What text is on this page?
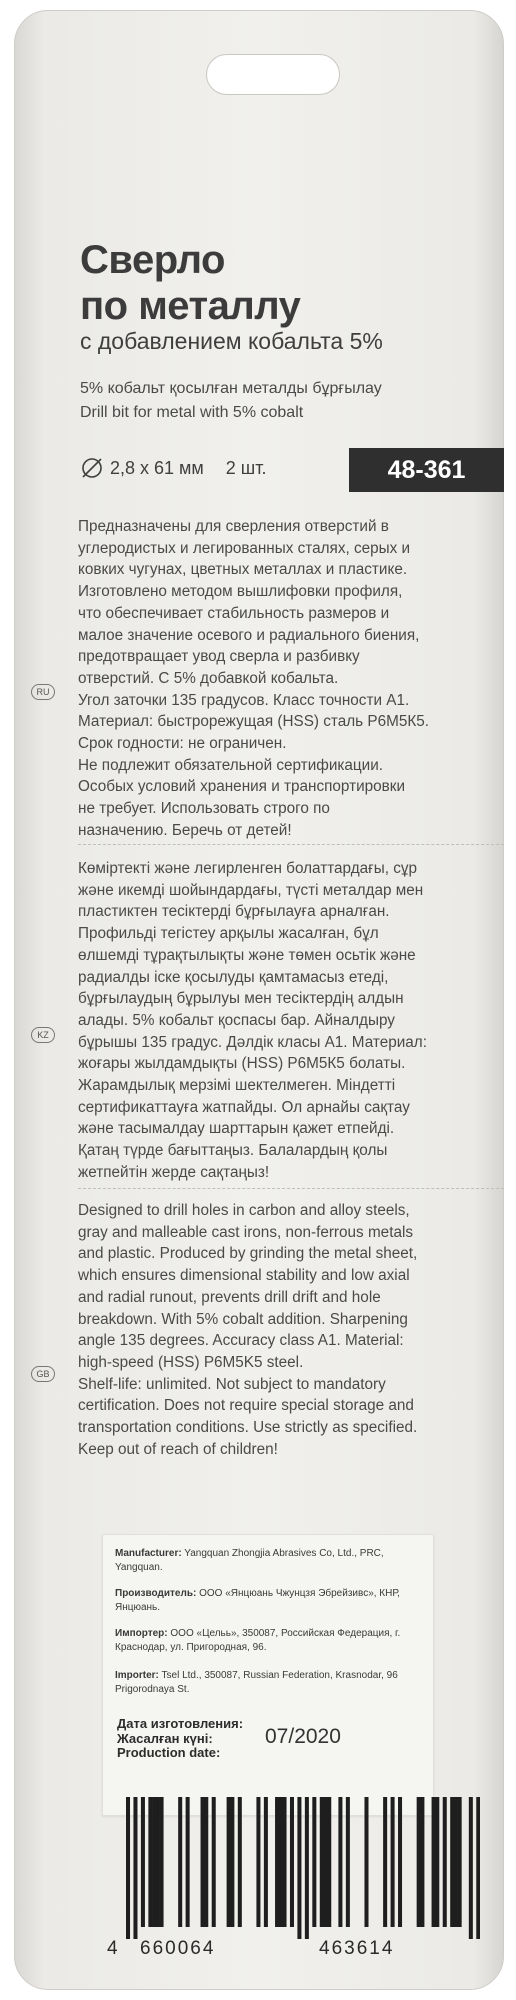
Сверло
по металлу
с добавлением кобальта 5%
5% кобальт қосылған металды бұрғылау
Drill bit for metal with 5% cobalt
2,8 х 61 мм 2 шт.	48-361

Предназначены для сверления отверстий в
углеродистых и легированных сталях, серых и
ковких чугунах, цветных металлах и пластике.
Изготовлено методом вышлифовки профиля,
что обеспечивает стабильность размеров и
малое значение осевого и радиального биения,
предотвращает увод сверла и разбивку
отверстий. С 5% добавкой кобальта.
Угол заточки 135 градусов. Класс точности А1.
Материал: быстрорежущая (HSS) сталь Р6М5К5.
Срок годности: не ограничен.
Не подлежит обязательной сертификации.
Особых условий хранения и транспортировки
не требует. Использовать строго по
назначению. Беречь от детей!

RU

Көміртекті және легирленген болаттардағы, сұр
және икемді шойындардағы, түсті металдар мен
пластиктен тесіктерді бұрғылауға арналған.
Профильді тегістеу арқылы жасалған, бұл
өлшемді тұрақтылықты және төмен осьтік және
радиалды іске қосылуды қамтамасыз етеді,
бұрғылаудың бұрылуы мен тесіктердің алдын
алады. 5% кобальт қоспасы бар. Айналдыру
бұрышы 135 градус. Дәлдік класы А1. Материал:
жоғары жылдамдықты (HSS) Р6М5К5 болаты.
Жарамдылық мерзімі шектелмеген. Міндетті
сертификаттауға жатпайды. Ол арнайы сақтау
және тасымалдау шарттарын қажет етпейді.
Қатаң түрде бағыттаңыз. Балалардың қолы
жетпейтін жерде сақтаңыз!

KZ

Designed to drill holes in carbon and alloy steels,
gray and malleable cast irons, non-ferrous metals
and plastic. Produced by grinding the metal sheet,
which ensures dimensional stability and low axial
and radial runout, prevents drill drift and hole
breakdown. With 5% cobalt addition. Sharpening
angle 135 degrees. Accuracy class A1. Material:
high-speed (HSS) P6M5K5 steel.
Shelf-life: unlimited. Not subject to mandatory
certification. Does not require special storage and
transportation conditions. Use strictly as specified.
Keep out of reach of children!

GB

Manufacturer: Yangquan Zhongjia Abrasives Co, Ltd., PRC, Yangquan.

Производитель: ООО «Янцюань Чжунцзя Эбрейзивс», КНР, Янцюань.

Импортер: ООО «Цельь», 350087, Российская Федерация, г. Краснодар, ул. Пригородная, 96.

Importer: Tsel Ltd., 350087, Russian Federation, Krasnodar, 96 Prigorodnaya St.

Дата изготовления:
Жасалған күні:
Production date:

07/2020
4 660064	463614
